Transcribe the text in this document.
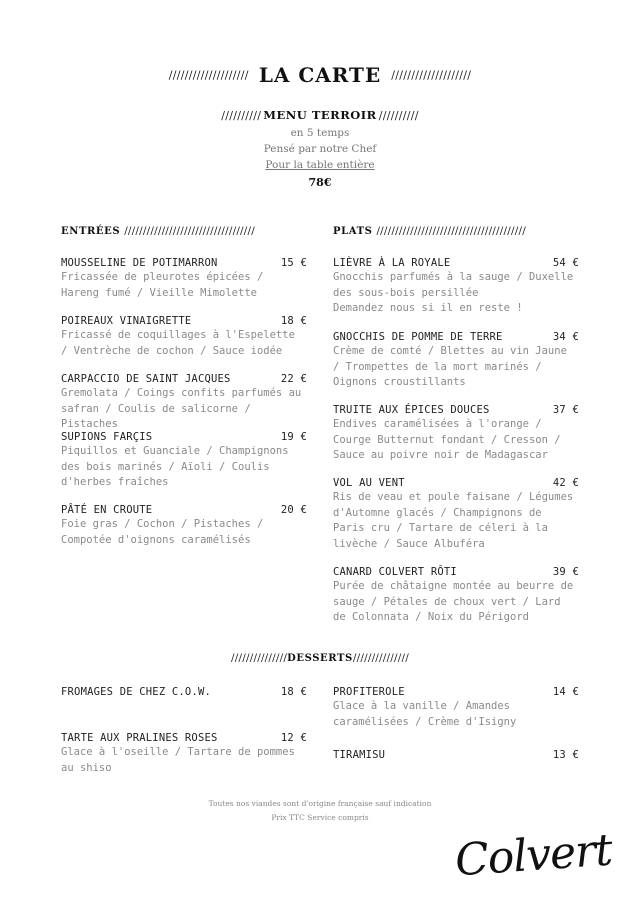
//////////////////// LA CARTE ////////////////////
////////// MENU TERROIR //////////
en 5 temps
Pensé par notre Chef
Pour la table entière
78€
ENTRÉES ///////////////////////////////////	PLATS ////////////////////////////////////////
MOUSSELINE DE POTIMARRON	15 €
Fricassée de pleurotes épicées / Hareng fumé / Vieille Mimolette
POIREAUX VINAIGRETTE	18 €
Fricassé de coquillages à l'Espelette / Ventrèche de cochon / Sauce iodée
CARPACCIO DE SAINT JACQUES	22 €
Gremolata / Coings confits parfumés au safran / Coulis de salicorne / Pistaches
SUPIONS FARÇIS	19 €
Piquillos et Guanciale / Champignons des bois marinés / Aïoli / Coulis d'herbes fraîches
PÂTÉ EN CROUTE	20 €
Foie gras / Cochon / Pistaches / Compotée d'oignons caramélisés
LIÈVRE À LA ROYALE	54 €
Gnocchis parfumés à la sauge / Duxelle des sous-bois persillée
Demandez nous si il en reste !
GNOCCHIS DE POMME DE TERRE	34 €
Crème de comté / Blettes au vin Jaune / Trompettes de la mort marinés / Oignons croustillants
TRUITE AUX ÉPICES DOUCES	37 €
Endives caramélisées à l'orange / Courge Butternut fondant / Cresson / Sauce au poivre noir de Madagascar
VOL AU VENT	42 €
Ris de veau et poule faisane / Légumes d'Automne glacés / Champignons de Paris cru / Tartare de céleri à la livèche / Sauce Albuféra
CANARD COLVERT RÔTI	39 €
Purée de châtaigne montée au beurre de sauge / Pétales de choux vert / Lard de Colonnata / Noix du Périgord
/////////////// DESSERTS ///////////////
FROMAGES DE CHEZ C.O.W.	18 €
TARTE AUX PRALINES ROSES	12 €
Glace à l'oseille / Tartare de pommes au shiso
PROFITEROLE	14 €
Glace à la vanille / Amandes caramélisées / Crème d'Isigny
TIRAMISU	13 €
Toutes nos viandes sont d'origine française sauf indication
Prix TTC Service compris
Colvert
